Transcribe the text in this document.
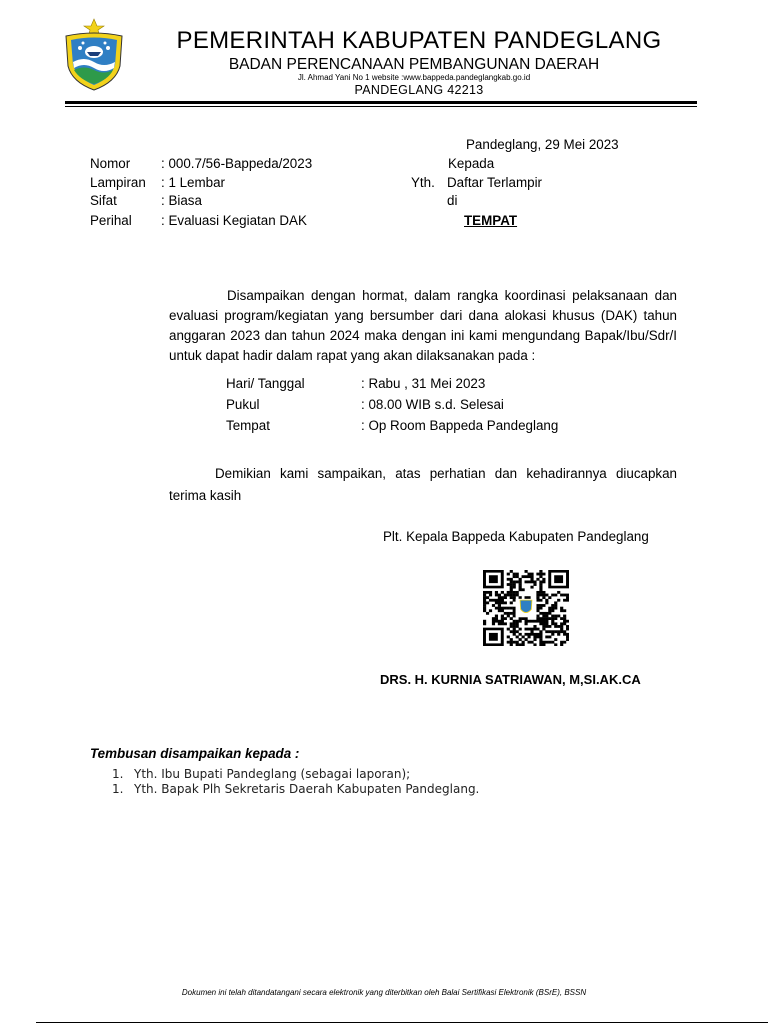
PEMERINTAH KABUPATEN PANDEGLANG
BADAN PERENCANAAN PEMBANGUNAN DAERAH
Jl. Ahmad Yani No 1 website :www.bappeda.pandeglangkab.go.id
PANDEGLANG 42213
Pandeglang, 29 Mei 2023
Nomor : 000.7/56-Bappeda/2023
Lampiran : 1 Lembar
Sifat	: Biasa
Perihal : Evaluasi Kegiatan DAK
Kepada
Yth. Daftar Terlampir
di
TEMPAT

Disampaikan dengan hormat, dalam rangka koordinasi pelaksanaan dan evaluasi program/kegiatan yang bersumber dari dana alokasi khusus (DAK) tahun anggaran 2023 dan tahun 2024 maka dengan ini kami mengundang Bapak/Ibu/Sdr/I untuk dapat hadir dalam rapat yang akan dilaksanakan pada :

Hari/ Tanggal	: Rabu , 31 Mei 2023
Pukul	: 08.00 WIB s.d. Selesai
Tempat	: Op Room Bappeda Pandeglang

Demikian kami sampaikan, atas perhatian dan kehadirannya diucapkan terima kasih

Plt. Kepala Bappeda Kabupaten Pandeglang
DRS. H. KURNIA SATRIAWAN, M,SI.AK.CA
Tembusan disampaikan kepada :
1. Yth. Ibu Bupati Pandeglang (sebagai laporan);
1. Yth. Bapak Plh Sekretaris Daerah Kabupaten Pandeglang.
Dokumen ini telah ditandatangani secara elektronik yang diterbitkan oleh Balai Sertifikasi Elektronik (BSrE), BSSN
